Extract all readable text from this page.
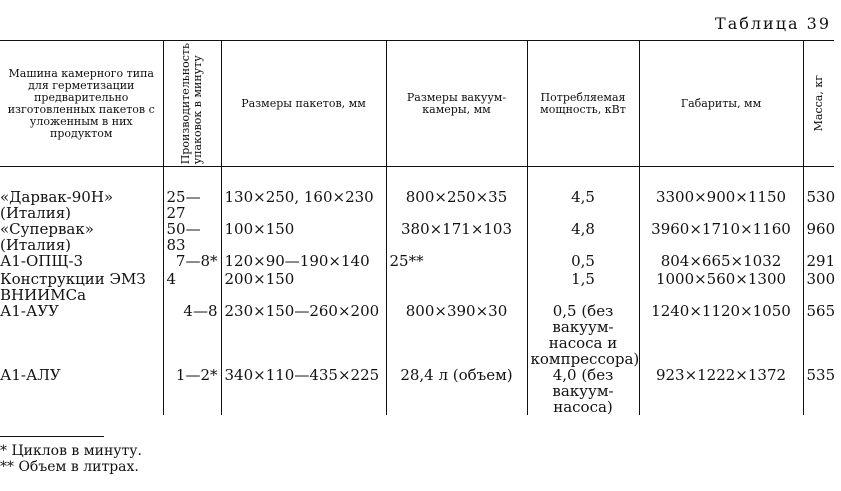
Таблица 39
Машина камерного типа для герметизации предварительно изготовленных пакетов с уложенным в них продуктом	Производительность упаковок в минуту	Размеры пакетов, мм	Размеры вакуум-камеры, мм	Потребляемая мощность, кВт	Габариты, мм	Масса, кг

«Дарвак-90Н» (Италия)	25—27	130×250, 160×230	800×250×35	4,5	3300×900×1150	530
«Супервак» (Италия)	50—83	100×150	380×171×103	4,8	3960×1710×1160	960
А1-ОПЩ-3	7—8*	120×90—190×140	25**	0,5	804×665×1032	291
Конструкции ЭМЗ ВНИИМСа	4	200×150		1,5	1000×560×1300	300
А1-АУУ	4—8	230×150—260×200	800×390×30	0,5 (без вакуум-насоса и компрессора)	1240×1120×1050	565
А1-АЛУ	1—2*	340×110—435×225	28,4 л (объем)	4,0 (без вакуум-насоса)	923×1222×1372	535
* Циклов в минуту.
** Объем в литрах.
